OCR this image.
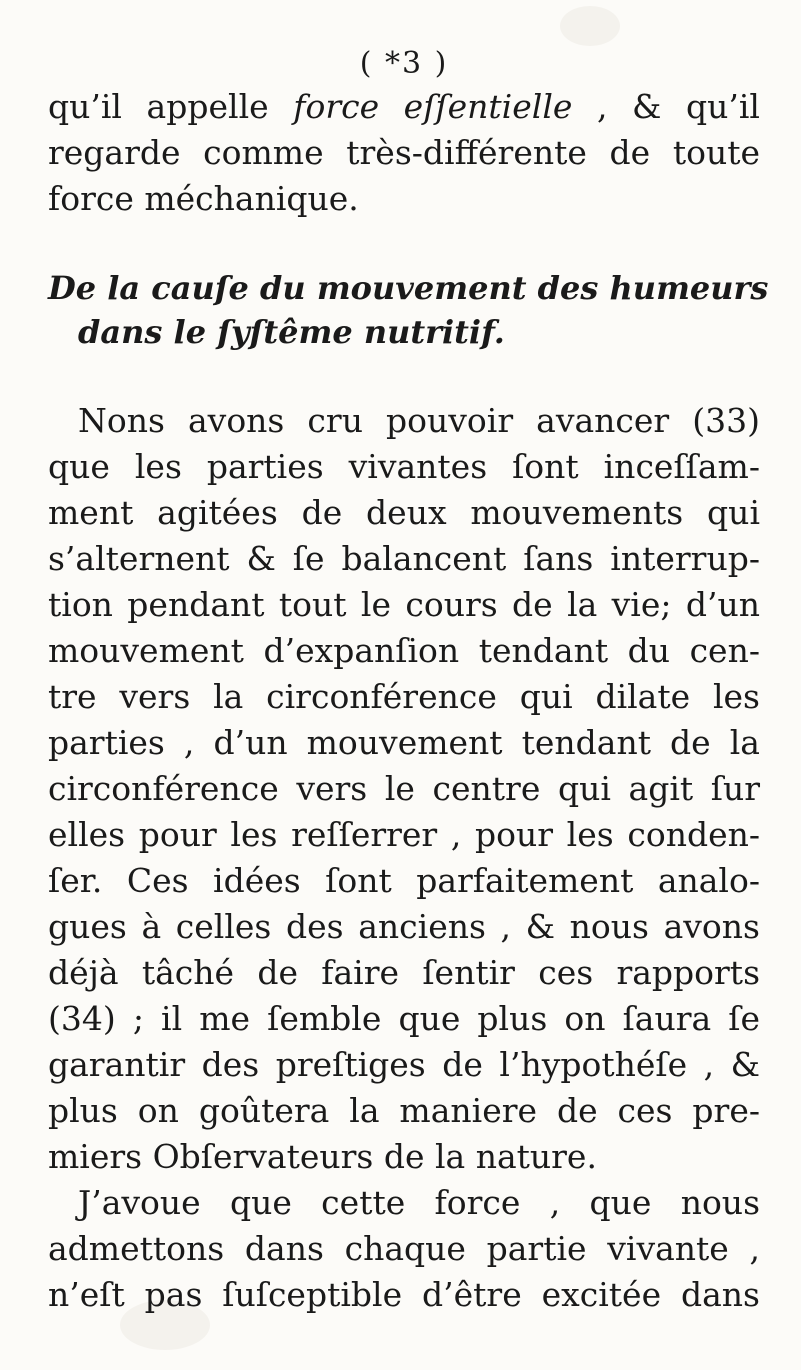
( *3 )
qu’il appelle force eſſentielle , & qu’il
regarde comme très-différente de toute
force méchanique.
De la cauſe du mouvement des humeurs
dans le ſyſtême nutritif.
Nons avons cru pouvoir avancer (33)
que les parties vivantes ſont inceſſam-
ment agitées de deux mouvements qui
s’alternent & ſe balancent ſans interrup-
tion pendant tout le cours de la vie; d’un
mouvement d’expanſion tendant du cen-
tre vers la circonférence qui dilate les
parties , d’un mouvement tendant de la
circonférence vers le centre qui agit ſur
elles pour les reſſerrer , pour les conden-
ſer. Ces idées ſont parfaitement analo-
gues à celles des anciens , & nous avons
déjà tâché de faire ſentir ces rapports
(34) ; il me ſemble que plus on ſaura ſe
garantir des preſtiges de l’hypothéſe , &
plus on goûtera la maniere de ces pre-
miers Obſervateurs de la nature.
J’avoue que cette force , que nous
admettons dans chaque partie vivante ,
n’eſt pas ſuſceptible d’être excitée dans
